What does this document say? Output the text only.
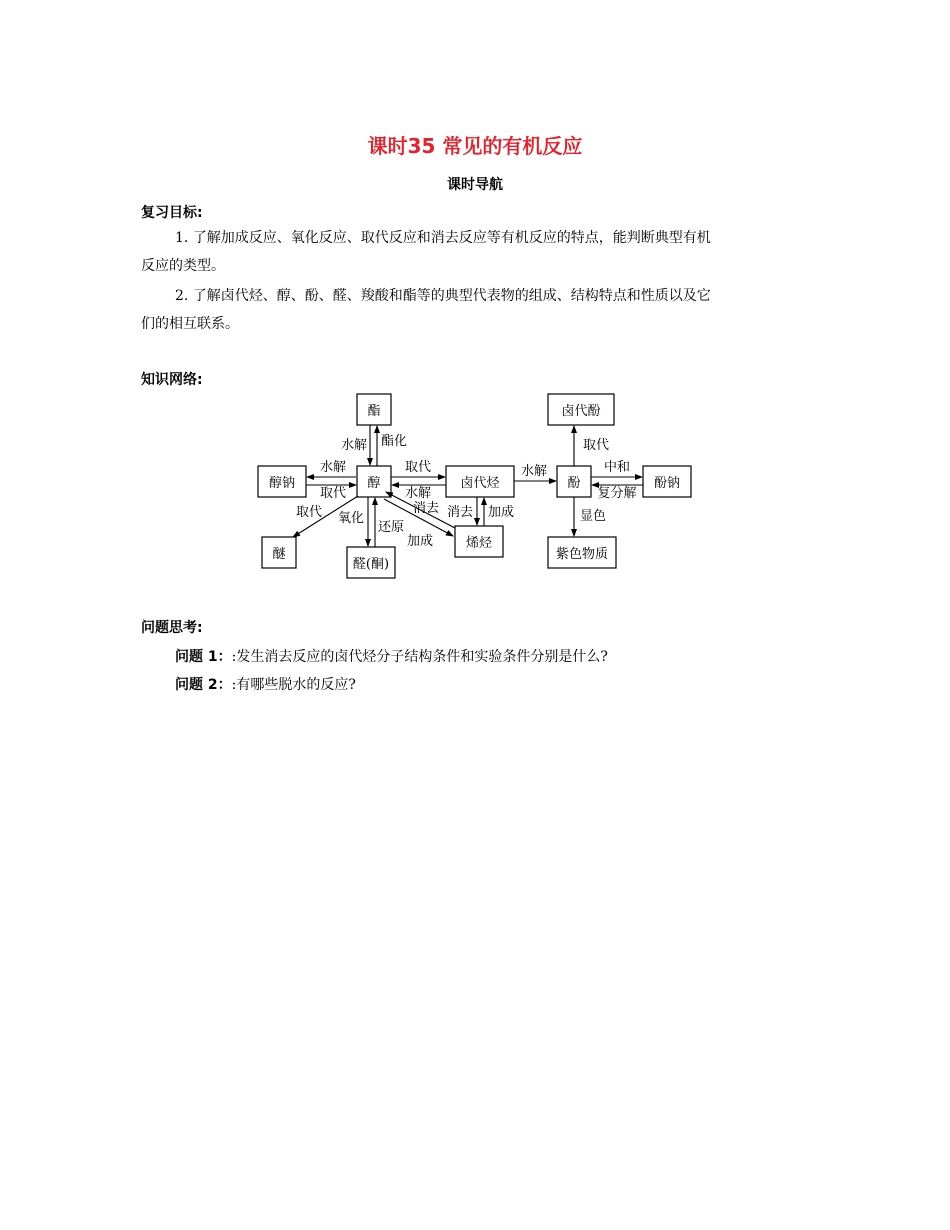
课时35 常见的有机反应
课时导航
复习目标:
1. 了解加成反应、氧化反应、取代反应和消去反应等有机反应的特点，能判断典型有机
反应的类型。
2. 了解卤代烃、醇、酚、醛、羧酸和酯等的典型代表物的组成、结构特点和性质以及它
们的相互联系。
知识网络:
酯
醇钠	醇	卤代烃	酚	酚钠
卤代酚
醚
醛(酮)
烯烃
紫色物质
水解 酯化
水解
取代
取代
水解
取代 氧化
还原
消去
加成
消去 加成
水解
取代
中和
复分解
显色
问题思考:
问题 1：:发生消去反应的卤代烃分子结构条件和实验条件分别是什么?
问题 2：:有哪些脱水的反应?
